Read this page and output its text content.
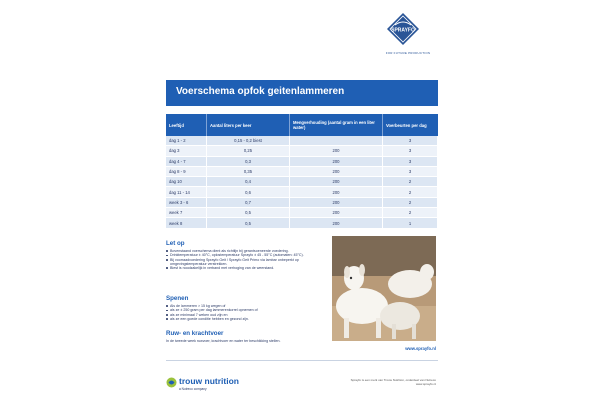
SPRAYFO
FOR FUTURE PRODUCTION
Voerschema opfok geitenlammeren
Leeftijd	Aantal liters per keer	Mengverhouding (aantal gram in een liter water)	Voerbeurten per dag
dag 1 - 2	0,15 - 0,2 biest		3
dag 3	0,25	200	3
dag 4 - 7	0,3	200	3
dag 8 - 9	0,35	200	3
dag 10	0,4	200	2
dag 11 - 14	0,6	200	2
week 3 - 6	0,7	200	2
week 7	0,5	200	2
week 8	0,5	200	1
Let op
Bovenstaand voerschema dient als richtlijn bij gerantsoeneerde voedering.
Drinktemperatuur ± 40°C, oplostemperatuur Sprayfo ± 45 - 55°C (automaten: 45°C).
Bij voorraadvoedering Sprayfo Geit / Sprayfo Geit Primo via lambar onbeperkt op omgevingstemperatuur verstrekken.
Biest is noodzakelijk in verband met verhoging van de weerstand.
Spenen
Als de lammeren > 15 kg wegen of
als ze ± 250 gram per dag lammerenkorrel opnemen of
als ze minimaal 7 weken oud zijn en
als ze een goede conditie hebben en gezond zijn.
Ruw- en krachtvoer
In de tweede week ruwvoer, krachtvoer en water ter beschikking stellen.
www.sprayfo.nl
trouw nutrition
a Nutreco company
Sprayfo is een merk van Trouw Nutrition, onderdeel van Nutreco
www.sprayfo.nl
